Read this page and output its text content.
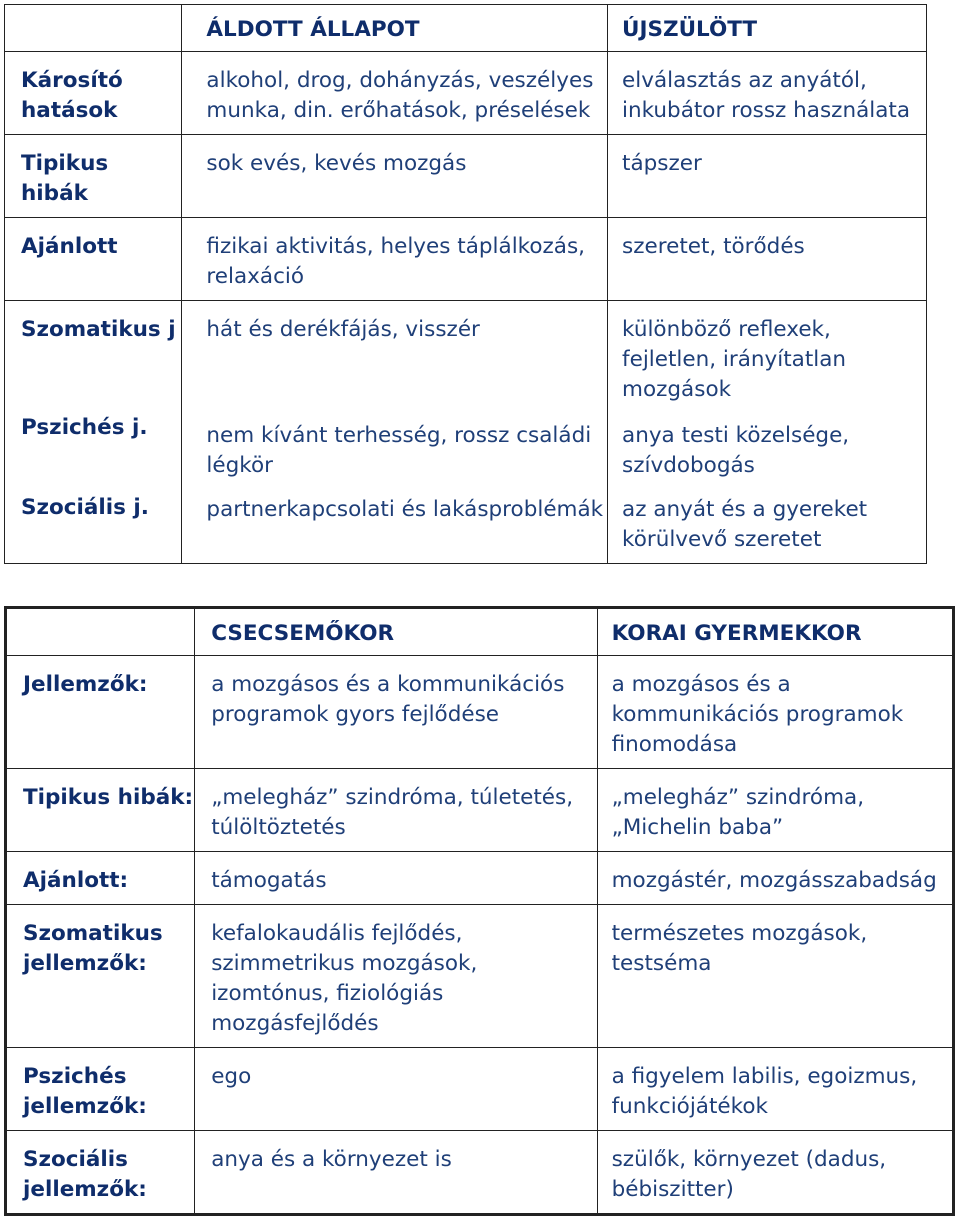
	ÁLDOTT ÁLLAPOT	ÚJSZÜLÖTT
Károsító hatások	alkohol, drog, dohányzás, veszélyes munka, din. erőhatások, préselések	elválasztás az anyától, inkubátor rossz használata
Tipikus hibák	sok evés, kevés mozgás	tápszer
Ajánlott	fizikai aktivitás, helyes táplálkozás, relaxáció	szeretet, törődés
Szomatikus j	hát és derékfájás, visszér	különböző reflexek, fejletlen, irányítatlan mozgások
Pszichés j.	nem kívánt terhesség, rossz családi légkör	anya testi közelsége, szívdobogás
Szociális j.	partnerkapcsolati és lakásproblémák	az anyát és a gyereket körülvevő szeretet
	CSECSEMŐKOR	KORAI GYERMEKKOR
Jellemzők:	a mozgásos és a kommunikációs programok gyors fejlődése	a mozgásos és a kommunikációs programok finomodása
Tipikus hibák:	„melegház” szindróma, túletetés, túlöltöztetés	„melegház” szindróma, „Michelin baba”
Ajánlott:	támogatás	mozgástér, mozgásszabadság
Szomatikus jellemzők:	kefalokaudális fejlődés, szimmetrikus mozgások, izomtónus, fiziológiás mozgásfejlődés	természetes mozgások, testséma
Pszichés jellemzők:	ego	a figyelem labilis, egoizmus, funkciójátékok
Szociális jellemzők:	anya és a környezet is	szülők, környezet (dadus, bébiszitter)
